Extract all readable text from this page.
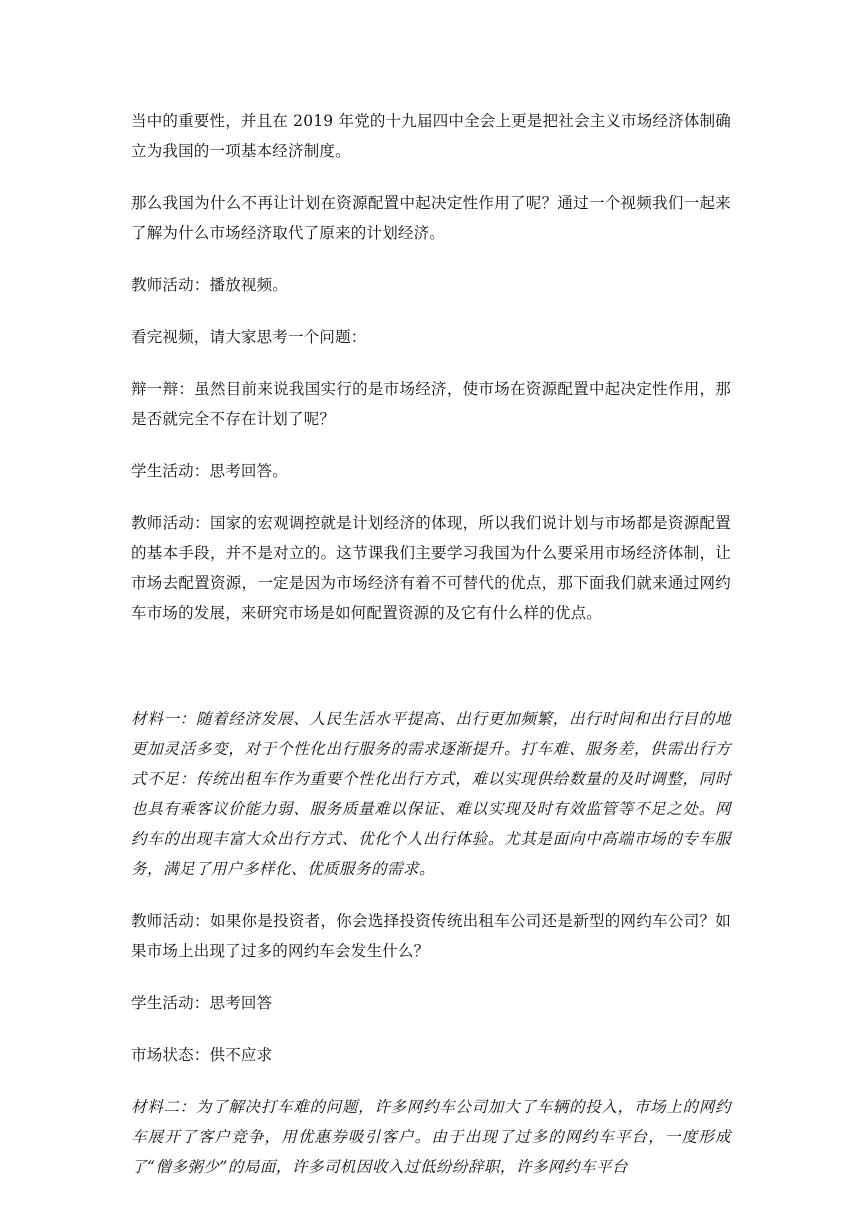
当中的重要性，并且在 2019 年党的十九届四中全会上更是把社会主义市场经济体制确立为我国的一项基本经济制度。

那么我国为什么不再让计划在资源配置中起决定性作用了呢？通过一个视频我们一起来了解为什么市场经济取代了原来的计划经济。

教师活动：播放视频。

看完视频，请大家思考一个问题：

辩一辩：虽然目前来说我国实行的是市场经济，使市场在资源配置中起决定性作用，那是否就完全不存在计划了呢？

学生活动：思考回答。

教师活动：国家的宏观调控就是计划经济的体现，所以我们说计划与市场都是资源配置的基本手段，并不是对立的。这节课我们主要学习我国为什么要采用市场经济体制，让市场去配置资源，一定是因为市场经济有着不可替代的优点，那下面我们就来通过网约车市场的发展，来研究市场是如何配置资源的及它有什么样的优点。

材料一：随着经济发展、人民生活水平提高、出行更加频繁，出行时间和出行目的地更加灵活多变，对于个性化出行服务的需求逐渐提升。打车难、服务差，供需出行方式不足：传统出租车作为重要个性化出行方式，难以实现供给数量的及时调整，同时也具有乘客议价能力弱、服务质量难以保证、难以实现及时有效监管等不足之处。网约车的出现丰富大众出行方式、优化个人出行体验。尤其是面向中高端市场的专车服务，满足了用户多样化、优质服务的需求。

教师活动：如果你是投资者，你会选择投资传统出租车公司还是新型的网约车公司？如果市场上出现了过多的网约车会发生什么？

学生活动：思考回答

市场状态：供不应求

材料二：为了解决打车难的问题，许多网约车公司加大了车辆的投入，市场上的网约车展开了客户竞争，用优惠券吸引客户。由于出现了过多的网约车平台，一度形成了“僧多粥少”的局面，许多司机因收入过低纷纷辞职，许多网约车平台
